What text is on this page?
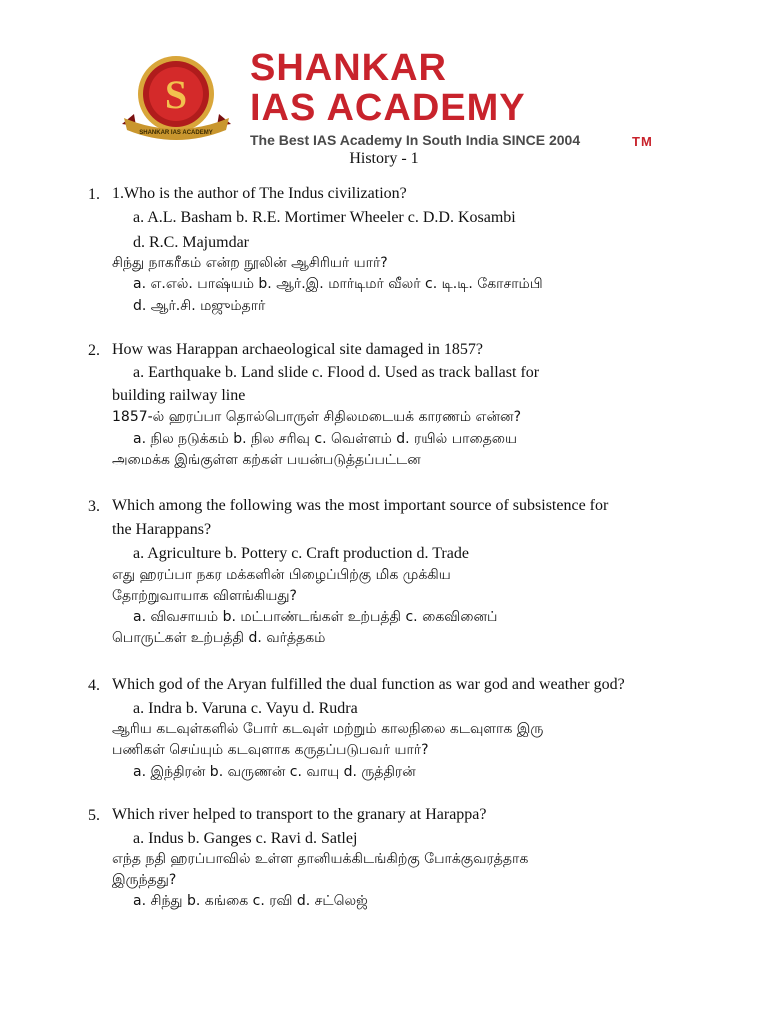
S
SHANKAR IAS ACADEMY
SHANKAR
IAS ACADEMY
TM
The Best IAS Academy In South India SINCE 2004
History - 1
1. 1.Who is the author of The Indus civilization?
a. A.L. Basham b. R.E. Mortimer Wheeler c. D.D. Kosambi
d. R.C. Majumdar
சிந்து நாகரீகம் என்ற நூலின் ஆசிரியர் யார்?
a. எ.எல். பாஷ்யம் b. ஆர்.இ. மார்டிமர் வீலர் c. டி.டி. கோசாம்பி
d. ஆர்.சி. மஜும்தார்
2. How was Harappan archaeological site damaged in 1857?
a. Earthquake b. Land slide c. Flood d. Used as track ballast for
building railway line
1857-ல் ஹரப்பா தொல்பொருள் சிதிலமடையக் காரணம் என்ன?
a. நில நடுக்கம் b. நில சரிவு c. வெள்ளம் d. ரயில் பாதையை
அமைக்க இங்குள்ள கற்கள் பயன்படுத்தப்பட்டன
3. Which among the following was the most important source of subsistence for
the Harappans?
a. Agriculture b. Pottery c. Craft production d. Trade
எது ஹரப்பா நகர மக்களின் பிழைப்பிற்கு மிக முக்கிய
தோற்றுவாயாக விளங்கியது?
a. விவசாயம் b. மட்பாண்டங்கள் உற்பத்தி c. கைவினைப்
பொருட்கள் உற்பத்தி d. வர்த்தகம்
4. Which god of the Aryan fulfilled the dual function as war god and weather god?
a. Indra b. Varuna c. Vayu d. Rudra
ஆரிய கடவுள்களில் போர் கடவுள் மற்றும் காலநிலை கடவுளாக இரு
பணிகள் செய்யும் கடவுளாக கருதப்படுபவர் யார்?
a. இந்திரன் b. வருணன் c. வாயு d. ருத்திரன்
5. Which river helped to transport to the granary at Harappa?
a. Indus b. Ganges c. Ravi d. Satlej
எந்த நதி ஹரப்பாவில் உள்ள தானியக்கிடங்கிற்கு போக்குவரத்தாக
இருந்தது?
a. சிந்து b. கங்கை c. ரவி d. சட்லெஜ்
